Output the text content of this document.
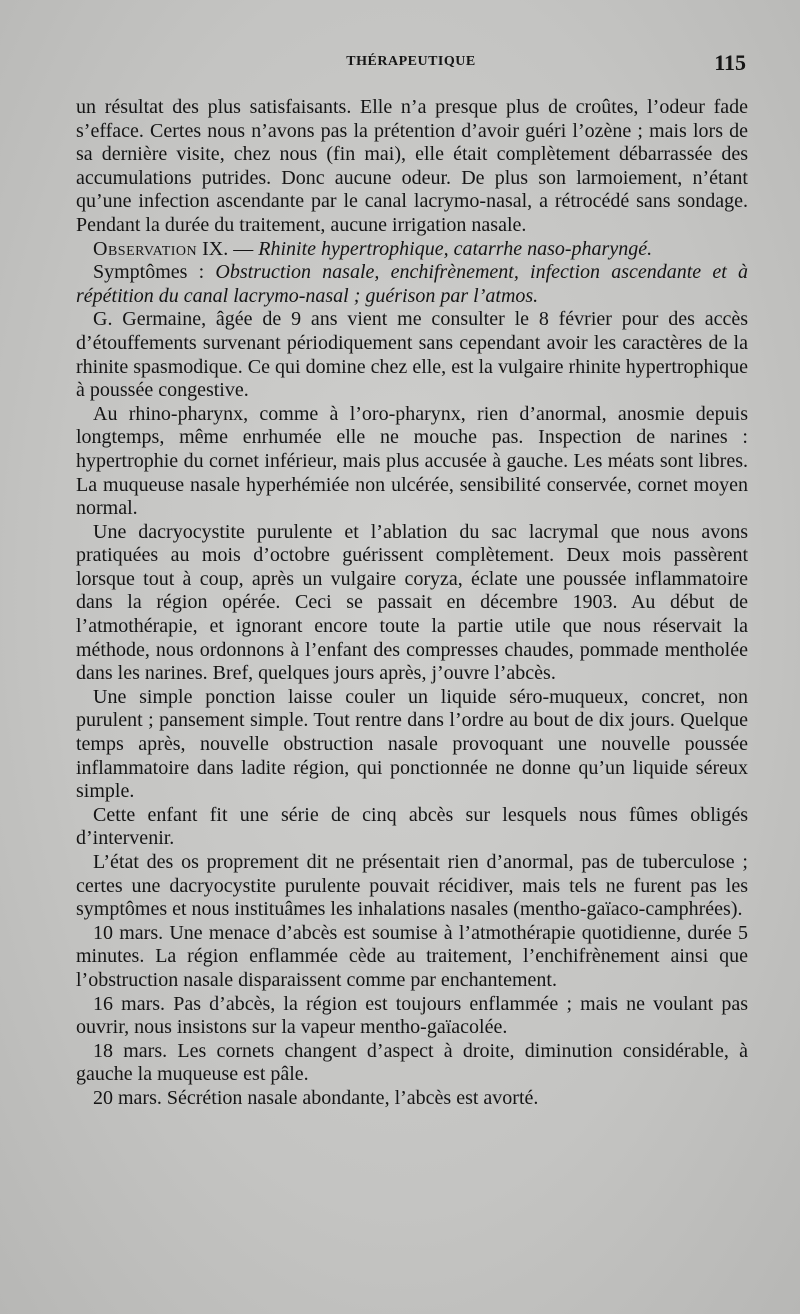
THÉRAPEUTIQUE	115

un résultat des plus satisfaisants. Elle n’a presque plus de croûtes, l’odeur fade s’efface. Certes nous n’avons pas la prétention d’avoir guéri l’ozène ; mais lors de sa dernière visite, chez nous (fin mai), elle était complètement débarrassée des accumulations putrides. Donc aucune odeur. De plus son larmoiement, n’étant qu’une infection ascendante par le canal lacrymo-nasal, a rétrocédé sans sondage. Pendant la durée du traitement, aucune irrigation nasale.

Observation IX. — Rhinite hypertrophique, catarrhe naso-pharyngé.

Symptômes : Obstruction nasale, enchifrènement, infection ascendante et à répétition du canal lacrymo-nasal ; guérison par l’atmos.

G. Germaine, âgée de 9 ans vient me consulter le 8 février pour des accès d’étouffements survenant périodiquement sans cependant avoir les caractères de la rhinite spasmodique. Ce qui domine chez elle, est la vulgaire rhinite hypertrophique à poussée congestive.

Au rhino-pharynx, comme à l’oro-pharynx, rien d’anormal, anosmie depuis longtemps, même enrhumée elle ne mouche pas. Inspection de narines : hypertrophie du cornet inférieur, mais plus accusée à gauche. Les méats sont libres. La muqueuse nasale hyperhémiée non ulcérée, sensibilité conservée, cornet moyen normal.

Une dacryocystite purulente et l’ablation du sac lacrymal que nous avons pratiquées au mois d’octobre guérissent complètement. Deux mois passèrent lorsque tout à coup, après un vulgaire coryza, éclate une poussée inflammatoire dans la région opérée. Ceci se passait en décembre 1903. Au début de l’atmothérapie, et ignorant encore toute la partie utile que nous réservait la méthode, nous ordonnons à l’enfant des compresses chaudes, pommade mentholée dans les narines. Bref, quelques jours après, j’ouvre l’abcès.

Une simple ponction laisse couler un liquide séro-muqueux, concret, non purulent ; pansement simple. Tout rentre dans l’ordre au bout de dix jours. Quelque temps après, nouvelle obstruction nasale provoquant une nouvelle poussée inflammatoire dans ladite région, qui ponctionnée ne donne qu’un liquide séreux simple.

Cette enfant fit une série de cinq abcès sur lesquels nous fûmes obligés d’intervenir.

L’état des os proprement dit ne présentait rien d’anormal, pas de tuberculose ; certes une dacryocystite purulente pouvait récidiver, mais tels ne furent pas les symptômes et nous instituâmes les inhalations nasales (mentho-gaïaco-camphrées).

10 mars. Une menace d’abcès est soumise à l’atmothérapie quotidienne, durée 5 minutes. La région enflammée cède au traitement, l’enchifrènement ainsi que l’obstruction nasale disparaissent comme par enchantement.

16 mars. Pas d’abcès, la région est toujours enflammée ; mais ne voulant pas ouvrir, nous insistons sur la vapeur mentho-gaïacolée.

18 mars. Les cornets changent d’aspect à droite, diminution considérable, à gauche la muqueuse est pâle.

20 mars. Sécrétion nasale abondante, l’abcès est avorté.
